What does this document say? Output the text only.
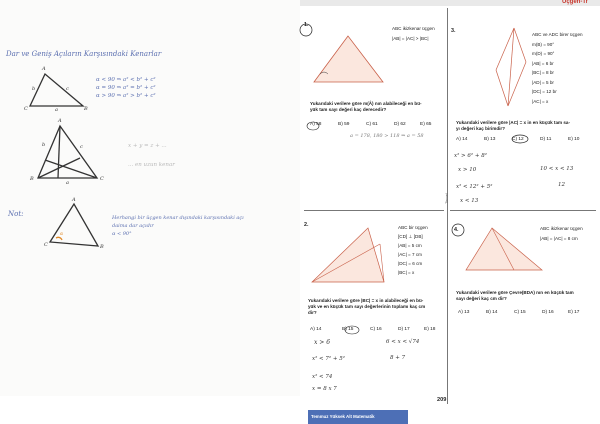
Dar ve Geniş Açıların Karşısındaki Kenarlar
A
C	B
b	c
a
α < 90 ⇒ a² < b² + c²
α = 90 ⇒ a² = b² + c²
α > 90 ⇒ a² > b² + c²
A
B	C
b	c
a
x + y = z + ...
... en uzun kenar
Not:
A
C	B
α
Herhangi bir üçgen kenar dışındaki karşısındaki açı
daima dar açıdır
α < 90°
Üçgen-Tr
1.
ABC ikizkenar üçgen
|AB| = |AC| > |BC|
Yukarıdaki verilere göre m(Â) nın alabileceği en bü-
yük tam sayı değeri kaç derecedir?
A) 58	B) 59	C) 61	D) 62	E) 65
a = 178, 180 > 118 ⇒ a = 58
3.
ABC ve ADC birer üçgen
m(B) = 90°
m(D) = 90°
|AB| = 6 br
|BC| = 8 br
|AD| = 5 br
|DC| = 12 br
|AC| = x
Yukarıdaki verilere göre |AC| = x in en küçük tam sa-
yı değeri kaç birimdir?
A) 14	B) 13	C) 12	D) 11	E) 10
x² > 6² + 8²
x > 10
x² < 12² + 5²
x < 13
10 < x < 13
12
2.	ABC bir üçgen
[CD] ⊥ [DB]
|AB| = 5 cm
|AC| = 7 cm
|DC| = 6 cm
|BC| = x
Yukarıdaki verilere göre |BC| = x in alabileceği en bü-
yük ve en küçük tam sayı değerlerinin toplamı kaç cm
dir?
A) 14	B) 15	C) 16	D) 17	E) 18
x > 6
x² < 7² + 5²
6 < x < √74
8 + 7
x² < 74
x = 8 x 7
4.	ABC ikizkenar üçgen
|AB| = |AC| = 8 cm
Yukarıdaki verilere göre Çevre(BDA) nın en küçük tam
sayı değeri kaç cm dir?
A) 13	B) 14	C) 15	D) 16	E) 17
Temel
209
Temmuz Yüksek Alt Matematik
